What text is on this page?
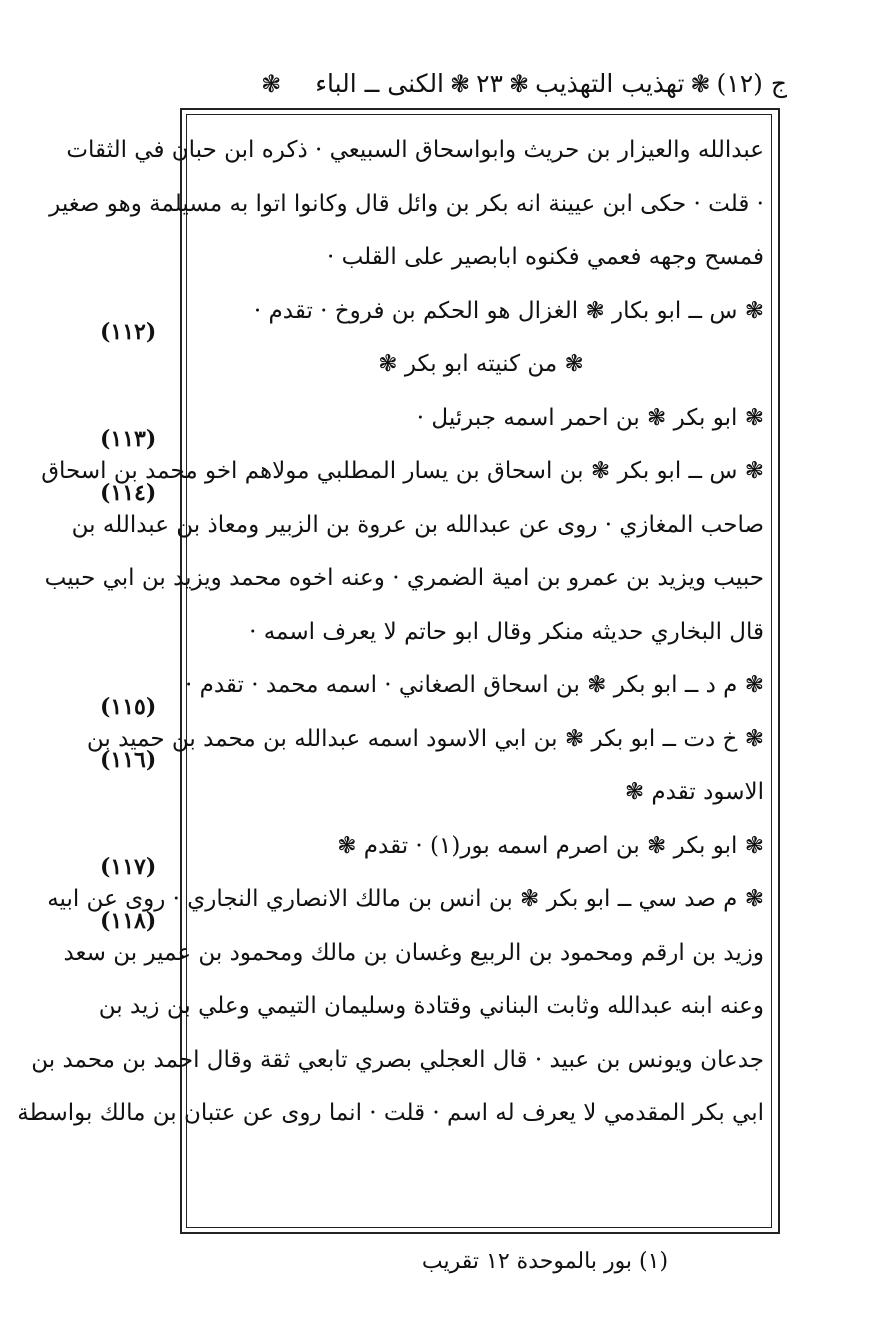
ج (١٢)
❃
تهذيب التهذيب
❃
٢٣
❃
الكنى ــ الباء
❃
عبدالله والعيزار بن حريث وابواسحاق السبيعي · ذكره ابن حبان في الثقات
· قلت · حكى ابن عيينة انه بكر بن وائل قال وكانوا اتوا به مسيلمة وهو صغير
فمسح وجهه فعمي فكنوه ابابصير على القلب ·
❃ س ــ ابو بكار ❃ الغزال هو الحكم بن فروخ · تقدم ·
❃ من كنيته ابو بكر ❃
❃ ابو بكر ❃ بن احمر اسمه جبرئيل ·
❃ س ــ ابو بكر ❃ بن اسحاق بن يسار المطلبي مولاهم اخو محمد بن اسحاق
صاحب المغازي · روى عن عبدالله بن عروة بن الزبير ومعاذ بن عبدالله بن
حبيب ويزيد بن عمرو بن امية الضمري · وعنه اخوه محمد ويزيد بن ابي حبيب
قال البخاري حديثه منكر وقال ابو حاتم لا يعرف اسمه ·
❃ م د ــ ابو بكر ❃ بن اسحاق الصغاني · اسمه محمد · تقدم ·
❃ خ دت ــ ابو بكر ❃ بن ابي الاسود اسمه عبدالله بن محمد بن حميد بن
الاسود تقدم ❃
❃ ابو بكر ❃ بن اصرم اسمه بور(١) · تقدم ❃
❃ م صد سي ــ ابو بكر ❃ بن انس بن مالك الانصاري النجاري · روى عن ابيه
وزيد بن ارقم ومحمود بن الربيع وغسان بن مالك ومحمود بن عمير بن سعد
وعنه ابنه عبدالله وثابت البناني وقتادة وسليمان التيمي وعلي بن زيد بن
جدعان ويونس بن عبيد · قال العجلي بصري تابعي ثقة وقال احمد بن محمد بن
ابي بكر المقدمي لا يعرف له اسم · قلت · انما روى عن عتبان بن مالك بواسطة
(١١٢)
(١١٣)
(١١٤)
(١١٥)
(١١٦)
(١١٧)
(١١٨)
(١) بور بالموحدة ١٢ تقريب
